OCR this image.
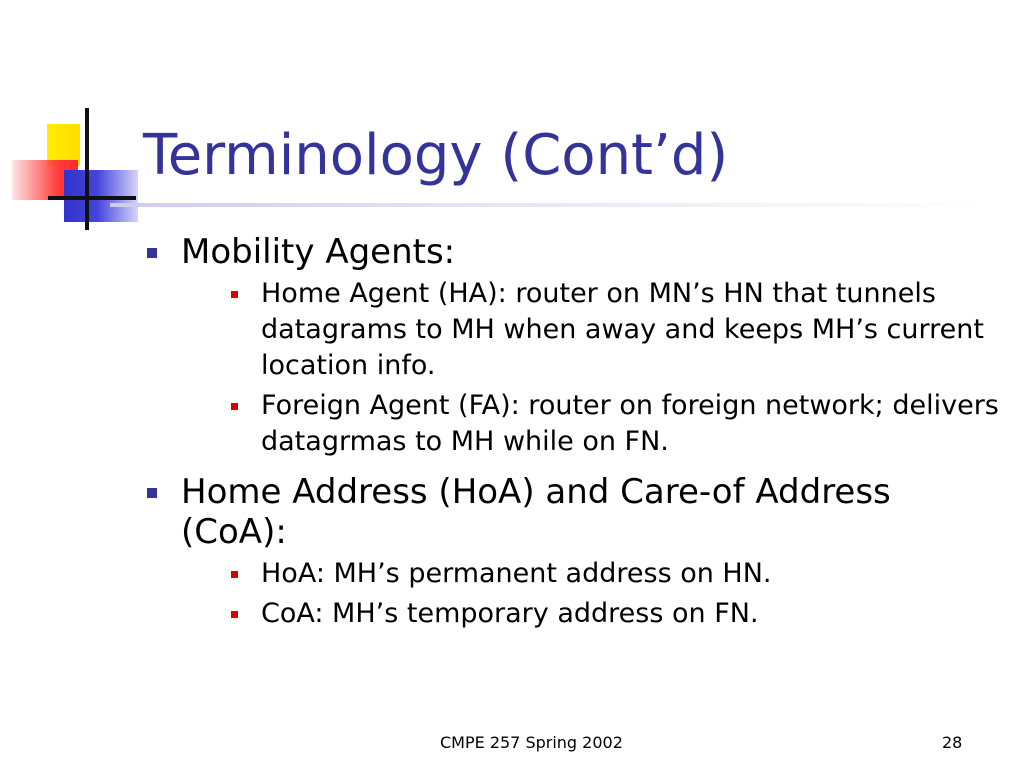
Terminology (Cont’d)
Mobility Agents:
Home Agent (HA): router on MN’s HN that tunnels datagrams to MH when away and keeps MH’s current location info.
Foreign Agent (FA): router on foreign network; delivers datagrmas to MH while on FN.
Home Address (HoA) and Care-of Address (CoA):
HoA: MH’s permanent address on HN.
CoA: MH’s temporary address on FN.
CMPE 257 Spring 2002	28
